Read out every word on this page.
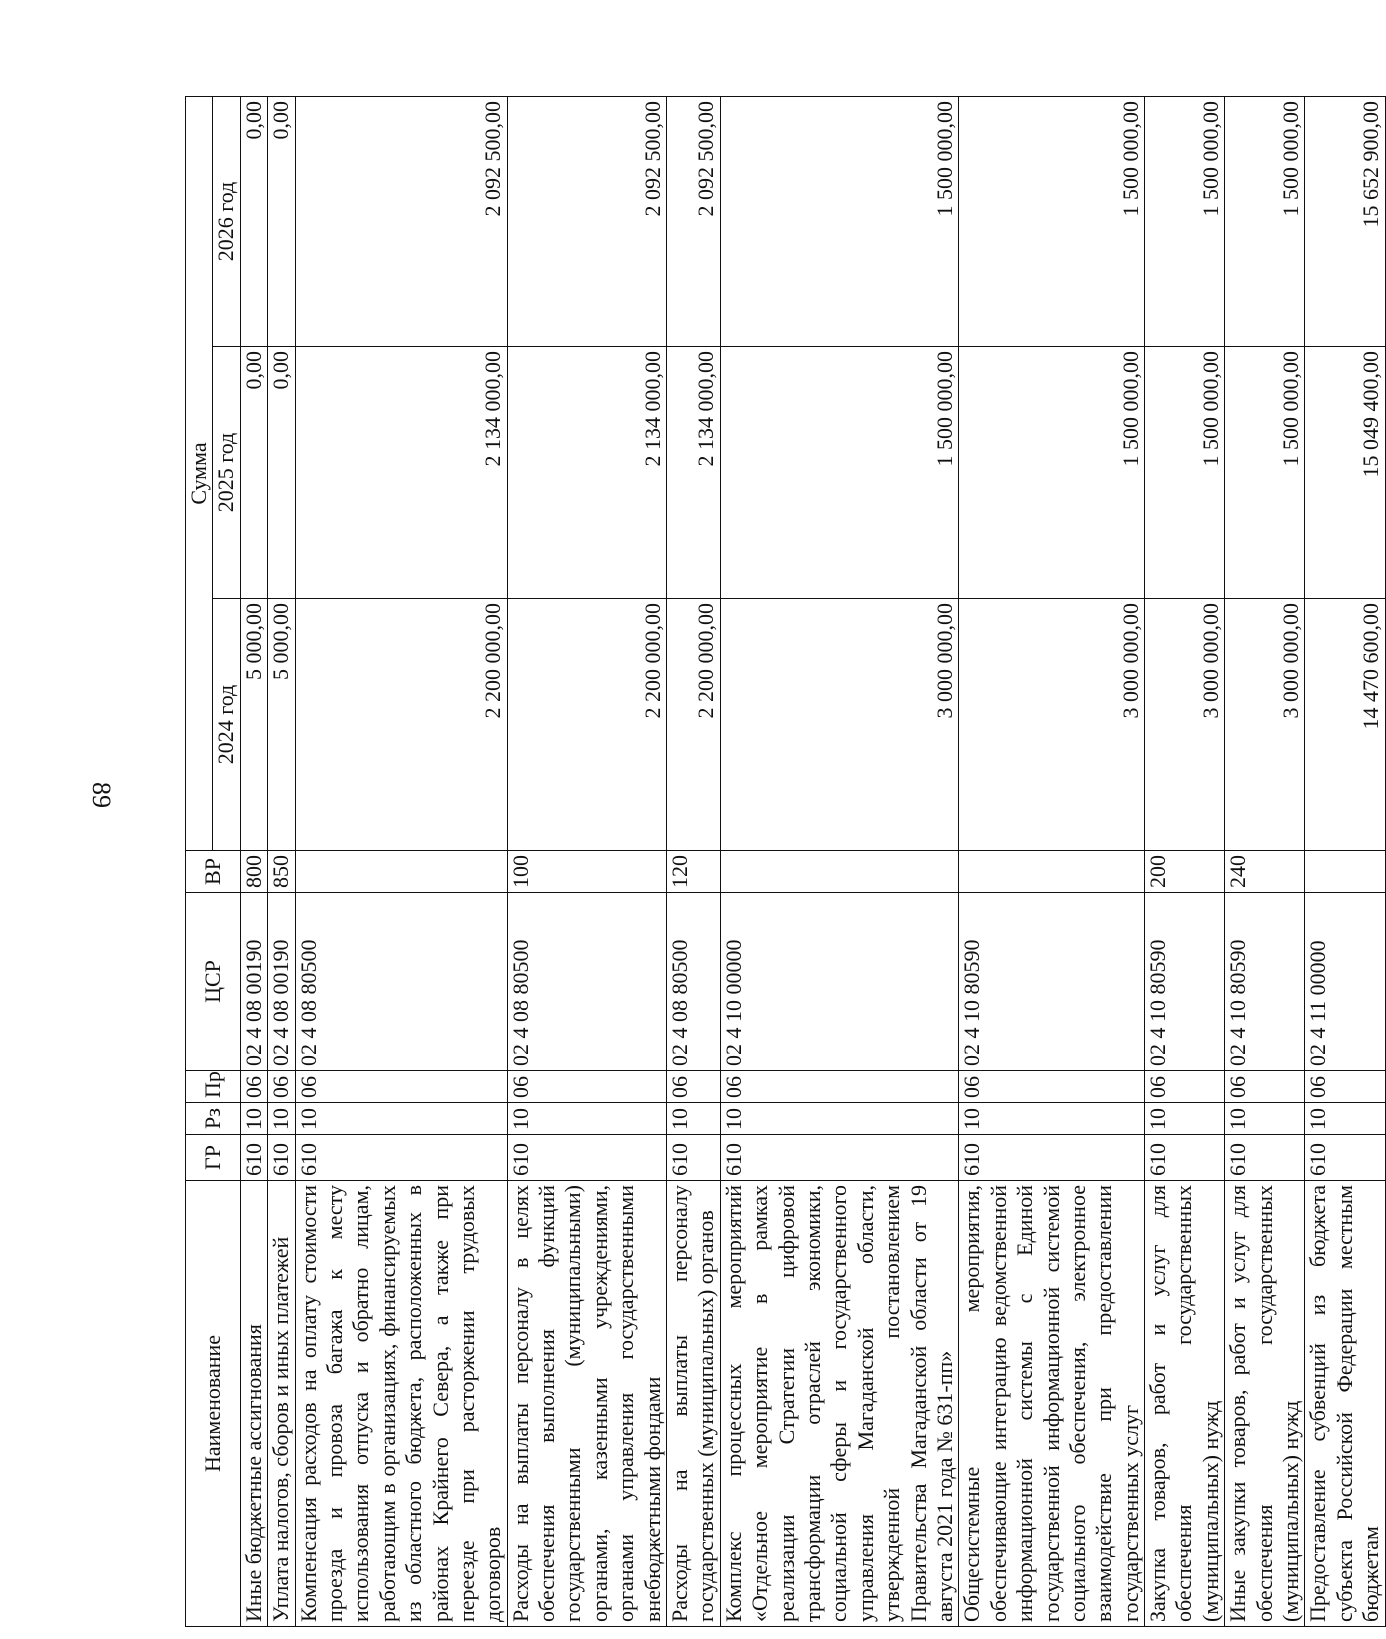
89
Наименование	ГР	Рз	Пр	ЦСР	ВР	Сумма		
						2024 год	2025 год	2026 год
Иные бюджетные ассигнования	610	10	06	02 4 08 00190	800	5 000,00	0,00	0,00
Уплата налогов, сборов и иных платежей	610	10	06	02 4 08 00190	850	5 000,00	0,00	0,00
Компенсация расходов на оплату стоимости проезда и провоза багажа к месту использования отпуска и обратно лицам, работающим в организациях, финансируемых из областного бюджета, расположенных в районах Крайнего Севера, а также при переезде при расторжении трудовых договоров	610	10	06	02 4 08 80500		2 200 000,00	2 134 000,00	2 092 500,00
Расходы на выплаты персоналу в целях обеспечения выполнения функций государственными (муниципальными) органами, казенными учреждениями, органами управления государственными внебюджетными фондами	610	10	06	02 4 08 80500	100	2 200 000,00	2 134 000,00	2 092 500,00
Расходы на выплаты персоналу государственных (муниципальных) органов	610	10	06	02 4 08 80500	120	2 200 000,00	2 134 000,00	2 092 500,00
Комплекс процессных мероприятий «Отдельное мероприятие в рамках реализации Стратегии цифровой трансформации отраслей экономики, социальной сферы и государственного управления Магаданской области, утвержденной постановлением Правительства Магаданской области от 19 августа 2021 года № 631-пп»	610	10	06	02 4 10 00000		3 000 000,00	1 500 000,00	1 500 000,00
Общесистемные мероприятия, обеспечивающие интеграцию ведомственной информационной системы с Единой государственной информационной системой социального обеспечения, электронное взаимодействие при предоставлении государственных услуг	610	10	06	02 4 10 80590		3 000 000,00	1 500 000,00	1 500 000,00
Закупка товаров, работ и услуг для обеспечения государственных (муниципальных) нужд	610	10	06	02 4 10 80590	200	3 000 000,00	1 500 000,00	1 500 000,00
Иные закупки товаров, работ и услуг для обеспечения государственных (муниципальных) нужд	610	10	06	02 4 10 80590	240	3 000 000,00	1 500 000,00	1 500 000,00
Предоставление субвенций из бюджета субъекта Российской Федерации местным бюджетам	610	10	06	02 4 11 00000		14 470 600,00	15 049 400,00	15 652 900,00
